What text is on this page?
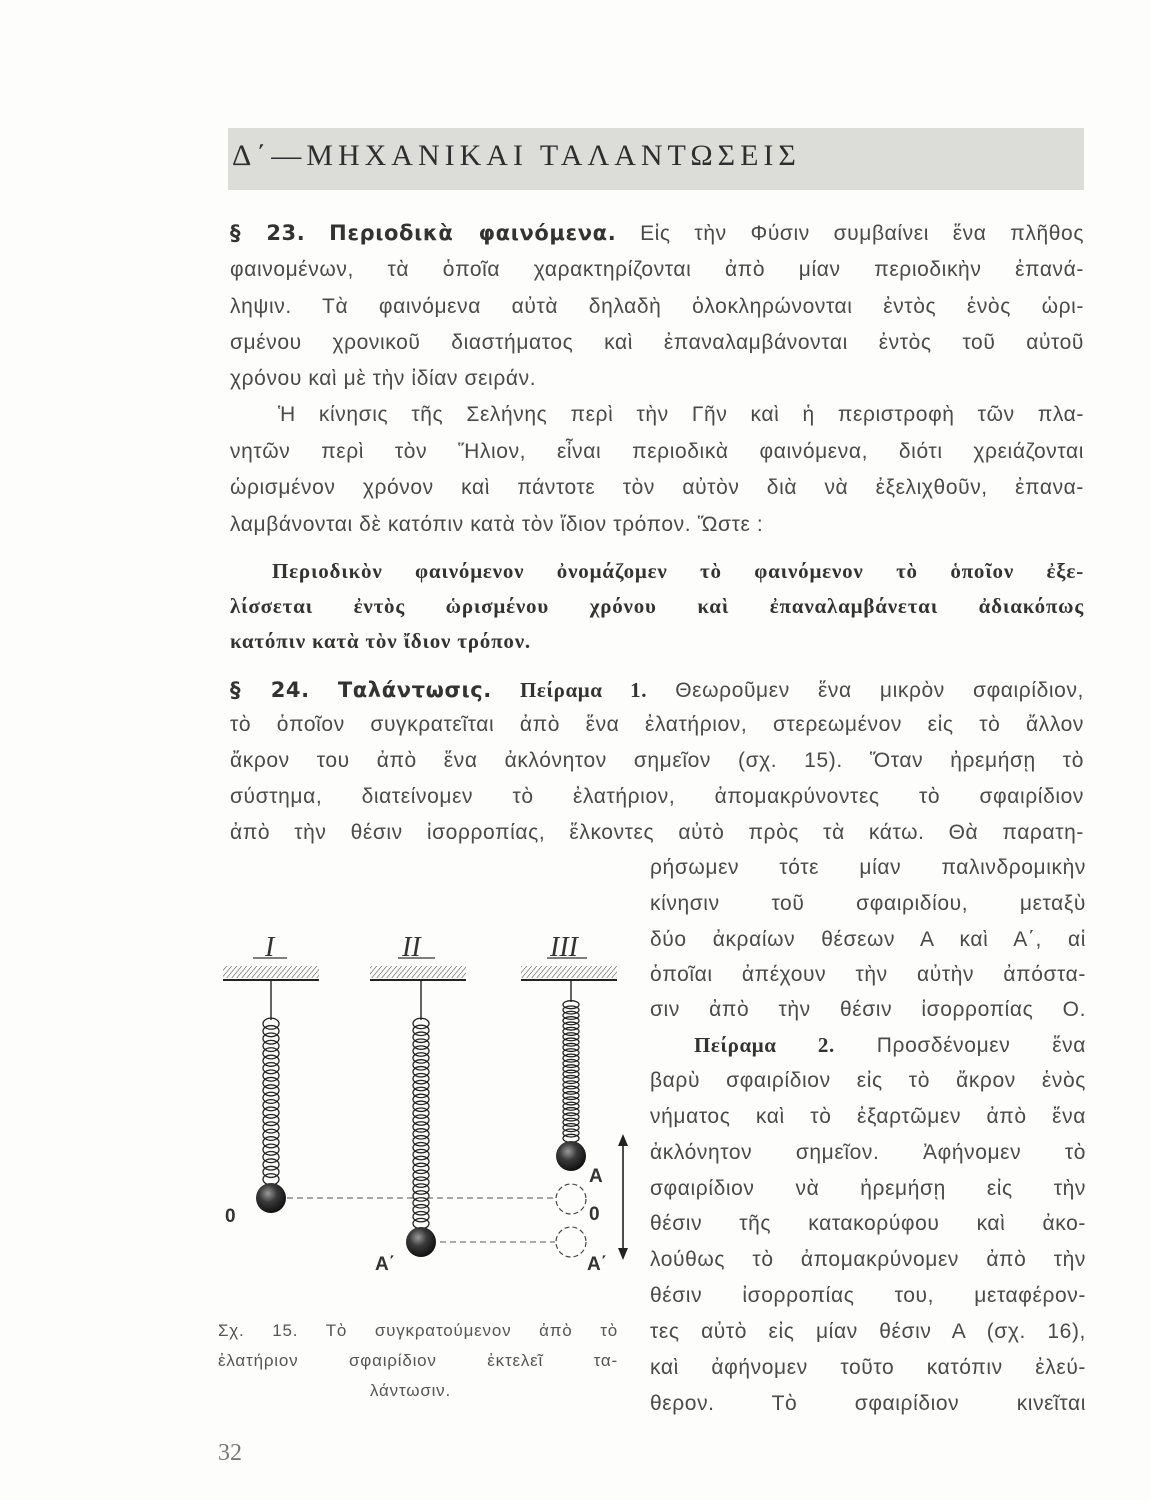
Δ΄—ΜΗΧΑΝΙΚΑΙ ΤΑΛΑΝΤΩΣΕΙΣ
§ 23. Περιοδικὰ φαινόμενα. Εἰς τὴν Φύσιν συμβαίνει ἕνα πλῆθος
φαινομένων, τὰ ὁποῖα χαρακτηρίζονται ἀπὸ μίαν περιοδικὴν ἐπανά-
ληψιν. Τὰ φαινόμενα αὐτὰ δηλαδὴ ὁλοκληρώνονται ἐντὸς ἑνὸς ὡρι-
σμένου χρονικοῦ διαστήματος καὶ ἐπαναλαμβάνονται ἐντὸς τοῦ αὐτοῦ
χρόνου καὶ μὲ τὴν ἰδίαν σειράν.
Ἡ κίνησις τῆς Σελήνης περὶ τὴν Γῆν καὶ ἡ περιστροφὴ τῶν πλα-
νητῶν περὶ τὸν Ἥλιον, εἶναι περιοδικὰ φαινόμενα, διότι χρειάζονται
ὡρισμένον χρόνον καὶ πάντοτε τὸν αὐτὸν διὰ νὰ ἐξελιχθοῦν, ἐπανα-
λαμβάνονται δὲ κατόπιν κατὰ τὸν ἴδιον τρόπον. Ὥστε :
Περιοδικὸν φαινόμενον ὀνομάζομεν τὸ φαινόμενον τὸ ὁποῖον ἐξε-
λίσσεται ἐντὸς ὡρισμένου χρόνου καὶ ἐπαναλαμβάνεται ἀδιακόπως
κατόπιν κατὰ τὸν ἴδιον τρόπον.
§ 24. Ταλάντωσις. Πείραμα 1. Θεωροῦμεν ἕνα μικρὸν σφαιρίδιον,
τὸ ὁποῖον συγκρατεῖται ἀπὸ ἕνα ἐλατήριον, στερεωμένον εἰς τὸ ἄλλον
ἄκρον του ἀπὸ ἕνα ἀκλόνητον σημεῖον (σχ. 15). Ὅταν ἠρεμήσῃ τὸ
σύστημα, διατείνομεν τὸ ἐλατήριον, ἀπομακρύνοντες τὸ σφαιρίδιον
ἀπὸ τὴν θέσιν ἰσορροπίας, ἕλκοντες αὐτὸ πρὸς τὰ κάτω. Θὰ παρατη-
ρήσωμεν τότε μίαν παλινδρομικὴν
κίνησιν τοῦ σφαιριδίου, μεταξὺ
δύο ἀκραίων θέσεων Α καὶ Α΄, αἱ
ὁποῖαι ἀπέχουν τὴν αὐτὴν ἀπόστα-
σιν ἀπὸ τὴν θέσιν ἰσορροπίας Ο.
Πείραμα 2. Προσδένομεν ἕνα
βαρὺ σφαιρίδιον εἰς τὸ ἄκρον ἑνὸς
νήματος καὶ τὸ ἐξαρτῶμεν ἀπὸ ἕνα
ἀκλόνητον σημεῖον. Ἀφήνομεν τὸ
σφαιρίδιον νὰ ἠρεμήσῃ εἰς τὴν
θέσιν τῆς κατακορύφου καὶ ἀκο-
λούθως τὸ ἀπομακρύνομεν ἀπὸ τὴν
θέσιν ἰσορροπίας του, μεταφέρον-
τες αὐτὸ εἰς μίαν θέσιν Α (σχ. 16),
καὶ ἀφήνομεν τοῦτο κατόπιν ἐλεύ-
θερον. Τὸ σφαιρίδιον κινεῖται
I	II	III
0
A΄
A
0
A΄
Σχ. 15. Τὸ συγκρατούμενον ἀπὸ τὸ
ἐλατήριον σφαιρίδιον ἐκτελεῖ τα-
λάντωσιν.
32
